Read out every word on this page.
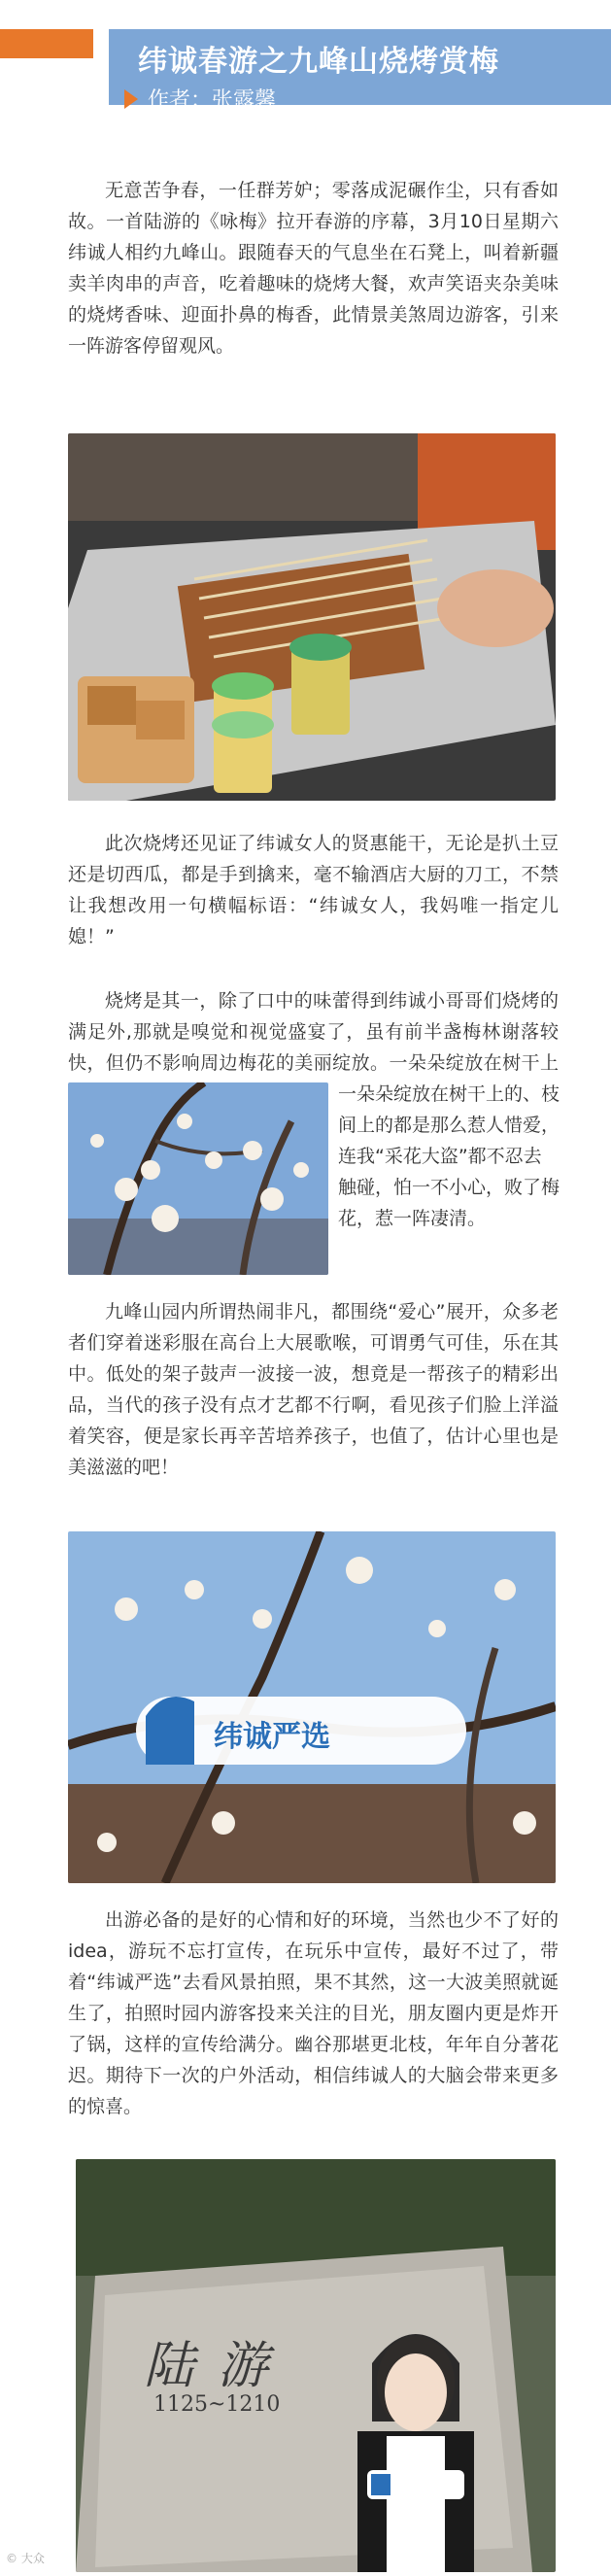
纬诚春游之九峰山烧烤赏梅
作者：张露馨
无意苦争春，一任群芳妒；零落成泥碾作尘，只有香如故。一首陆游的《咏梅》拉开春游的序幕，3月10日星期六纬诚人相约九峰山。跟随春天的气息坐在石凳上，叫着新疆卖羊肉串的声音，吃着趣味的烧烤大餐，欢声笑语夹杂美味的烧烤香味、迎面扑鼻的梅香，此情景美煞周边游客，引来一阵游客停留观风。
此次烧烤还见证了纬诚女人的贤惠能干，无论是扒土豆还是切西瓜，都是手到擒来，毫不输酒店大厨的刀工，不禁让我想改用一句横幅标语：“纬诚女人，我妈唯一指定儿媳！”
烧烤是其一，除了口中的味蕾得到纬诚小哥哥们烧烤的满足外,那就是嗅觉和视觉盛宴了，虽有前半盏梅林谢落较快，但仍不影响周边梅花的美丽绽放。一朵朵绽放在树干上
一朵朵绽放在树干上的、枝间上的都是那么惹人惜爱，连我“采花大盗”都不忍去触碰，怕一不小心，败了梅花，惹一阵凄清。
九峰山园内所谓热闹非凡，都围绕“爱心”展开，众多老者们穿着迷彩服在高台上大展歌喉，可谓勇气可佳，乐在其中。低处的架子鼓声一波接一波，想竟是一帮孩子的精彩出品，当代的孩子没有点才艺都不行啊，看见孩子们脸上洋溢着笑容，便是家长再辛苦培养孩子，也值了，估计心里也是美滋滋的吧！
纬诚严选
出游必备的是好的心情和好的环境，当然也少不了好的idea，游玩不忘打宣传，在玩乐中宣传，最好不过了，带着“纬诚严选”去看风景拍照，果不其然，这一大波美照就诞生了，拍照时园内游客投来关注的目光，朋友圈内更是炸开了锅，这样的宣传给满分。幽谷那堪更北枝，年年自分著花迟。期待下一次的户外活动，相信纬诚人的大脑会带来更多的惊喜。
陆游
1125~1210
© 大众
